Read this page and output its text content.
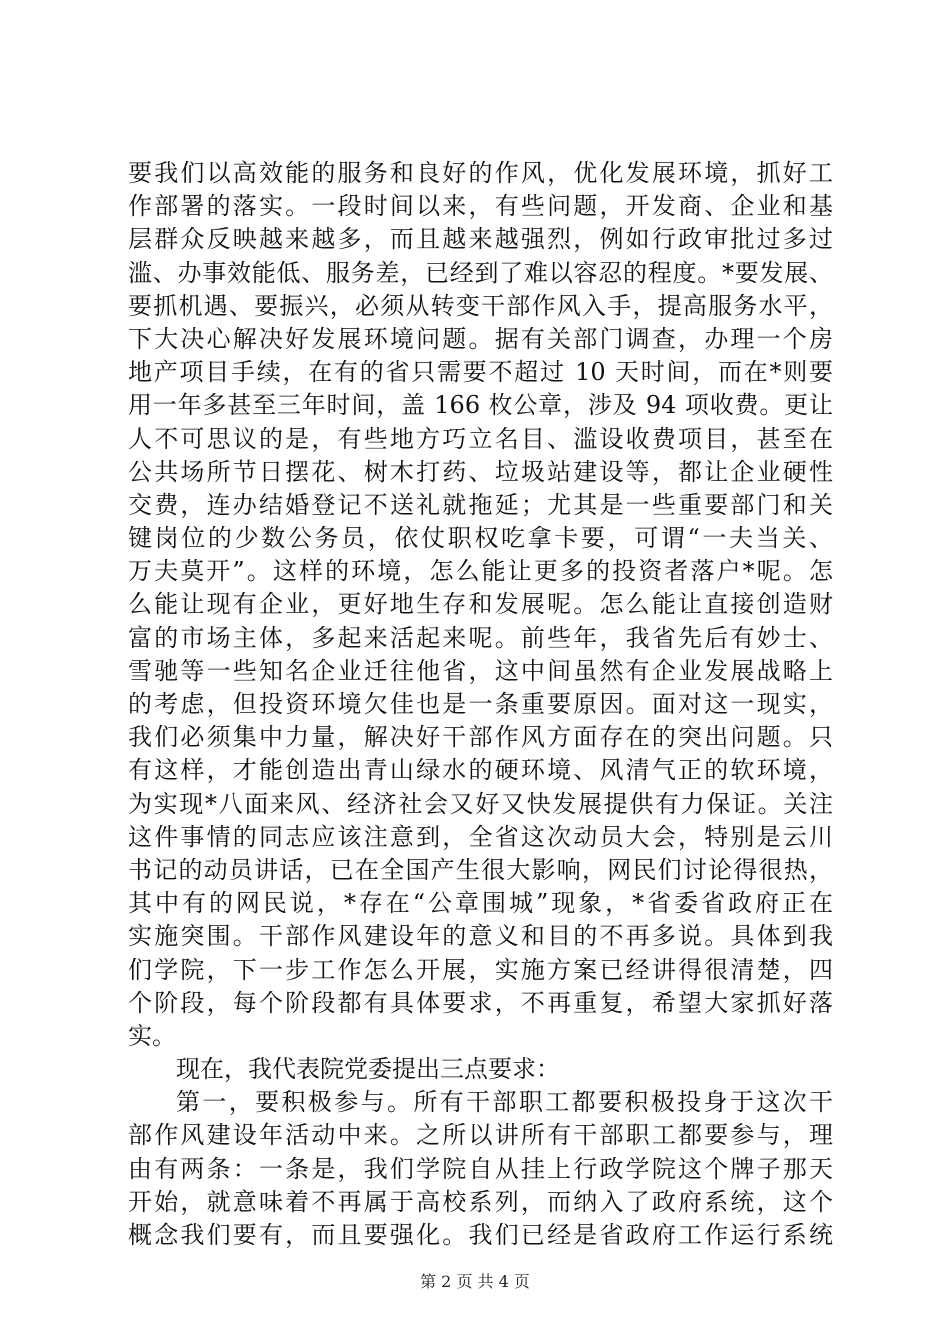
要我们以高效能的服务和良好的作风，优化发展环境，抓好工
作部署的落实。一段时间以来，有些问题，开发商、企业和基
层群众反映越来越多，而且越来越强烈，例如行政审批过多过
滥、办事效能低、服务差，已经到了难以容忍的程度。*要发展、
要抓机遇、要振兴，必须从转变干部作风入手，提高服务水平，
下大决心解决好发展环境问题。据有关部门调查，办理一个房
地产项目手续，在有的省只需要不超过 10 天时间，而在*则要
用一年多甚至三年时间，盖 166 枚公章，涉及 94 项收费。更让
人不可思议的是，有些地方巧立名目、滥设收费项目，甚至在
公共场所节日摆花、树木打药、垃圾站建设等，都让企业硬性
交费，连办结婚登记不送礼就拖延；尤其是一些重要部门和关
键岗位的少数公务员，依仗职权吃拿卡要，可谓“一夫当关、
万夫莫开”。这样的环境，怎么能让更多的投资者落户*呢。怎
么能让现有企业，更好地生存和发展呢。怎么能让直接创造财
富的市场主体，多起来活起来呢。前些年，我省先后有妙士、
雪驰等一些知名企业迁往他省，这中间虽然有企业发展战略上
的考虑，但投资环境欠佳也是一条重要原因。面对这一现实，
我们必须集中力量，解决好干部作风方面存在的突出问题。只
有这样，才能创造出青山绿水的硬环境、风清气正的软环境，
为实现*八面来风、经济社会又好又快发展提供有力保证。关注
这件事情的同志应该注意到，全省这次动员大会，特别是云川
书记的动员讲话，已在全国产生很大影响，网民们讨论得很热，
其中有的网民说，*存在“公章围城”现象，*省委省政府正在
实施突围。干部作风建设年的意义和目的不再多说。具体到我
们学院，下一步工作怎么开展，实施方案已经讲得很清楚，四
个阶段，每个阶段都有具体要求，不再重复，希望大家抓好落
实。
现在，我代表院党委提出三点要求：
第一，要积极参与。所有干部职工都要积极投身于这次干
部作风建设年活动中来。之所以讲所有干部职工都要参与，理
由有两条：一条是，我们学院自从挂上行政学院这个牌子那天
开始，就意味着不再属于高校系列，而纳入了政府系统，这个
概念我们要有，而且要强化。我们已经是省政府工作运行系统
第 2 页 共 4 页
